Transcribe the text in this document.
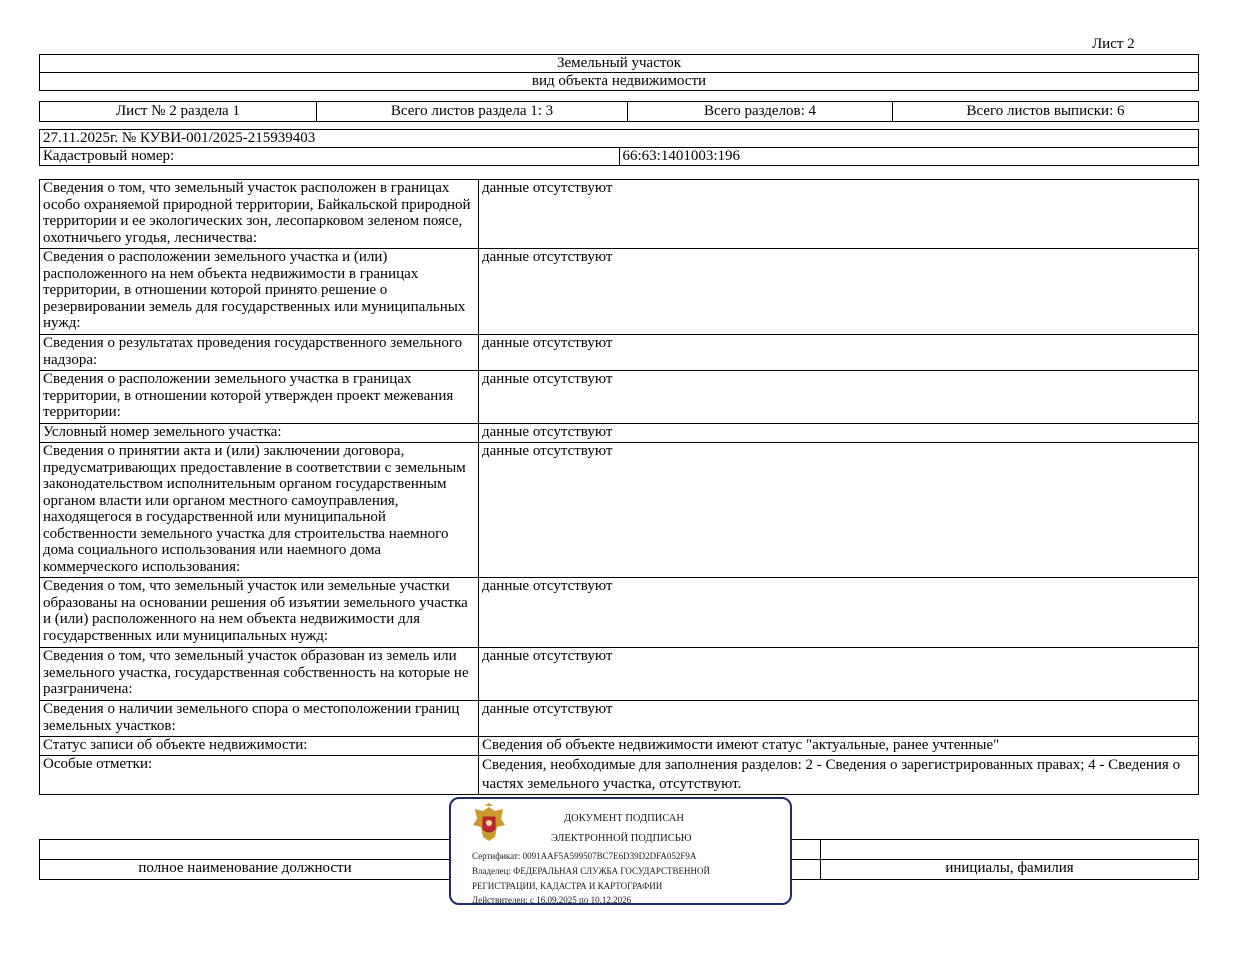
Лист 2
Земельный участок
вид объекта недвижимости
Лист № 2 раздела 1	Всего листов раздела 1: 3	Всего разделов: 4	Всего листов выписки: 6
27.11.2025г. № КУВИ-001/2025-215939403
Кадастровый номер:	66:63:1401003:196
Сведения о том, что земельный участок расположен в границах особо охраняемой природной территории, Байкальской природной территории и ее экологических зон, лесопарковом зеленом поясе, охотничьего угодья, лесничества:	данные отсутствуют
Сведения о расположении земельного участка и (или) расположенного на нем объекта недвижимости в границах территории, в отношении которой принято решение о резервировании земель для государственных или муниципальных нужд:	данные отсутствуют
Сведения о результатах проведения государственного земельного надзора:	данные отсутствуют
Сведения о расположении земельного участка в границах территории, в отношении которой утвержден проект межевания территории:	данные отсутствуют
Условный номер земельного участка:	данные отсутствуют
Сведения о принятии акта и (или) заключении договора, предусматривающих предоставление в соответствии с земельным законодательством исполнительным органом государственным органом власти или органом местного самоуправления, находящегося в государственной или муниципальной собственности земельного участка для строительства наемного дома социального использования или наемного дома коммерческого использования:	данные отсутствуют
Сведения о том, что земельный участок или земельные участки образованы на основании решения об изъятии земельного участка и (или) расположенного на нем объекта недвижимости для государственных или муниципальных нужд:	данные отсутствуют
Сведения о том, что земельный участок образован из земель или земельного участка, государственная собственность на которые не разграничена:	данные отсутствуют
Сведения о наличии земельного спора о местоположении границ земельных участков:	данные отсутствуют
Статус записи об объекте недвижимости:	Сведения об объекте недвижимости имеют статус "актуальные, ранее учтенные"
Особые отметки:	Сведения, необходимые для заполнения разделов: 2 - Сведения о зарегистрированных правах; 4 - Сведения о частях земельного участка, отсутствуют.

полное наименование должности		инициалы, фамилия
ДОКУМЕНТ ПОДПИСАН
ЭЛЕКТРОННОЙ ПОДПИСЬЮ
Сертификат: 0091AAF5A599507BC7E6D39D2DFA052F9A
Владелец: ФЕДЕРАЛЬНАЯ СЛУЖБА ГОСУДАРСТВЕННОЙ
РЕГИСТРАЦИИ, КАДАСТРА И КАРТОГРАФИИ
Действителен: с 16.09.2025 по 10.12.2026
